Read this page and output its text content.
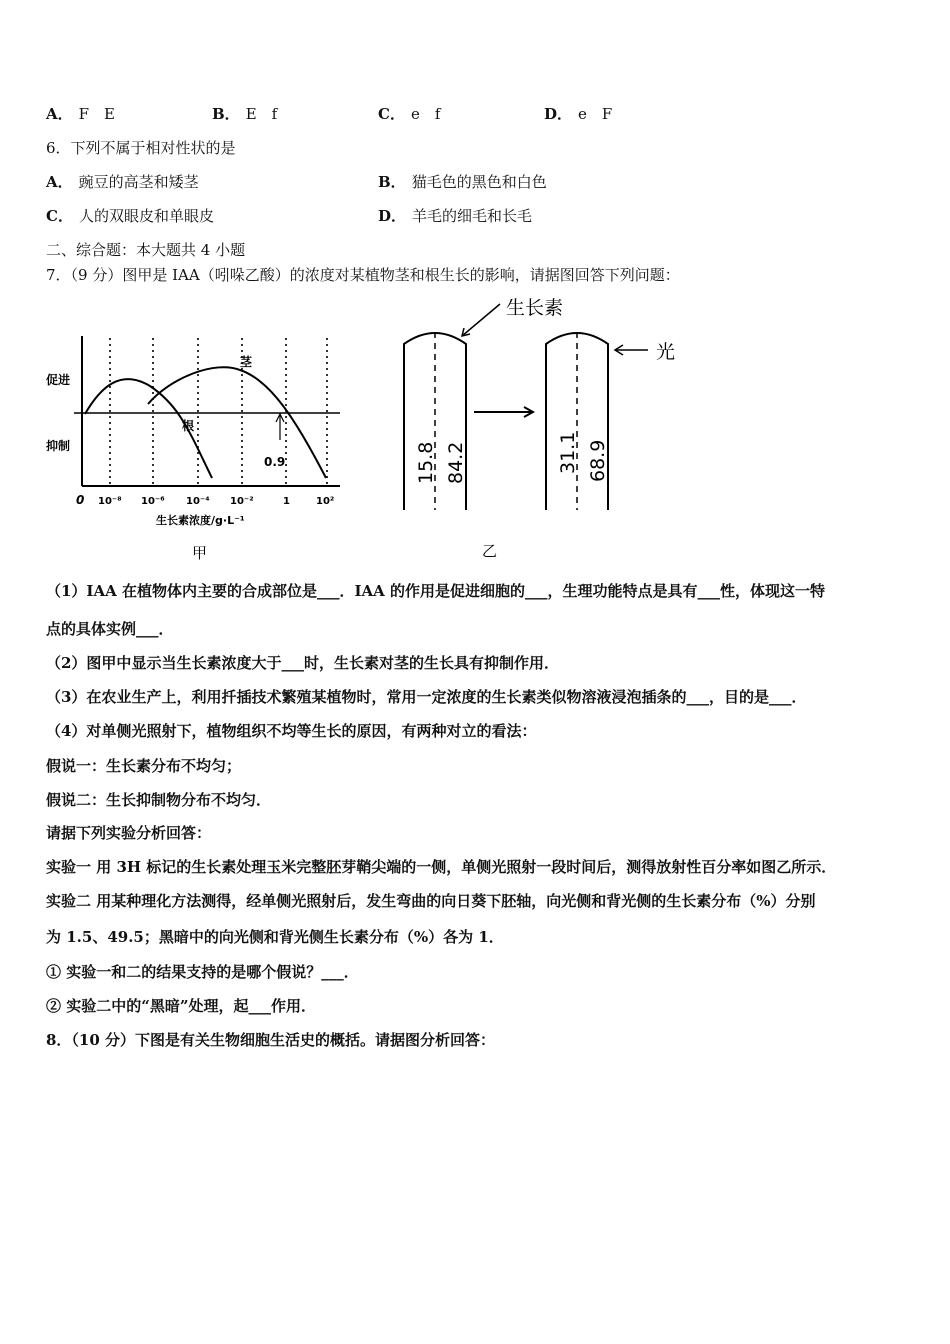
A． F　E	B． E　f	C． e　f	D． e　F
6．下列不属于相对性状的是
A． 豌豆的高茎和矮茎	B． 猫毛色的黑色和白色
C． 人的双眼皮和单眼皮	D． 羊毛的细毛和长毛
二、综合题：本大题共 4 小题
7．（9 分）图甲是 IAA（吲哚乙酸）的浓度对某植物茎和根生长的影响，请据图回答下列问题：
促进
抑制
茎
根
0.9
0 10⁻⁸ 10⁻⁶ 10⁻⁴ 10⁻²	1	10²
生长素浓度/g·L⁻¹
甲
生长素
光
15.8 84.2	31.1 68.9
乙
（1）IAA 在植物体内主要的合成部位是___．IAA 的作用是促进细胞的___，生理功能特点是具有___性，体现这一特
点的具体实例___．
（2）图甲中显示当生长素浓度大于___时，生长素对茎的生长具有抑制作用．
（3）在农业生产上，利用扦插技术繁殖某植物时，常用一定浓度的生长素类似物溶液浸泡插条的___，目的是___．
（4）对单侧光照射下，植物组织不均等生长的原因，有两种对立的看法：
假说一：生长素分布不均匀；
假说二：生长抑制物分布不均匀．
请据下列实验分析回答：
实验一 用 3H 标记的生长素处理玉米完整胚芽鞘尖端的一侧，单侧光照射一段时间后，测得放射性百分率如图乙所示．
实验二 用某种理化方法测得，经单侧光照射后，发生弯曲的向日葵下胚轴，向光侧和背光侧的生长素分布（%）分别
为 1.5、49.5；黑暗中的向光侧和背光侧生长素分布（%）各为 1．
① 实验一和二的结果支持的是哪个假说？___．
② 实验二中的“黑暗”处理，起___作用．
8．（10 分）下图是有关生物细胞生活史的概括。请据图分析回答：
